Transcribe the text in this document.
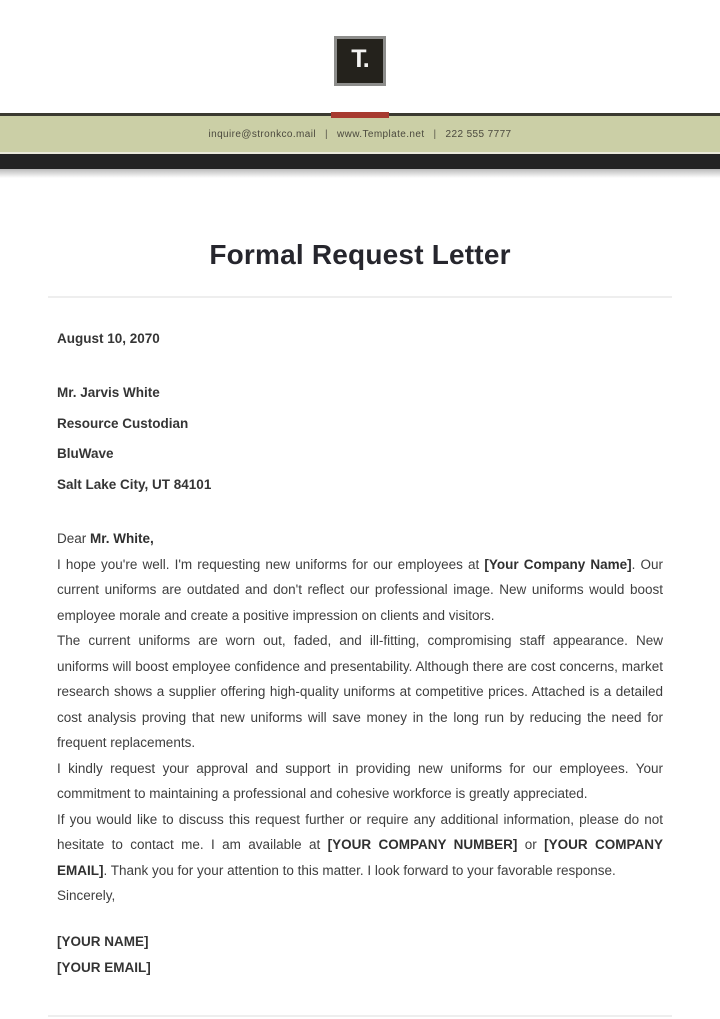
T.
inquire@stronkco.mail | www.Template.net | 222 555 7777
Formal Request Letter

August 10, 2070

Mr. Jarvis White

Resource Custodian

BluWave

Salt Lake City, UT 84101

Dear Mr. White,

I hope you're well. I'm requesting new uniforms for our employees at [Your Company Name]. Our current uniforms are outdated and don't reflect our professional image. New uniforms would boost employee morale and create a positive impression on clients and visitors.

The current uniforms are worn out, faded, and ill-fitting, compromising staff appearance. New uniforms will boost employee confidence and presentability. Although there are cost concerns, market research shows a supplier offering high-quality uniforms at competitive prices. Attached is a detailed cost analysis proving that new uniforms will save money in the long run by reducing the need for frequent replacements.

I kindly request your approval and support in providing new uniforms for our employees. Your commitment to maintaining a professional and cohesive workforce is greatly appreciated.

If you would like to discuss this request further or require any additional information, please do not hesitate to contact me. I am available at [YOUR COMPANY NUMBER] or [YOUR COMPANY EMAIL]. Thank you for your attention to this matter. I look forward to your favorable response.

Sincerely,

[YOUR NAME]

[YOUR EMAIL]
